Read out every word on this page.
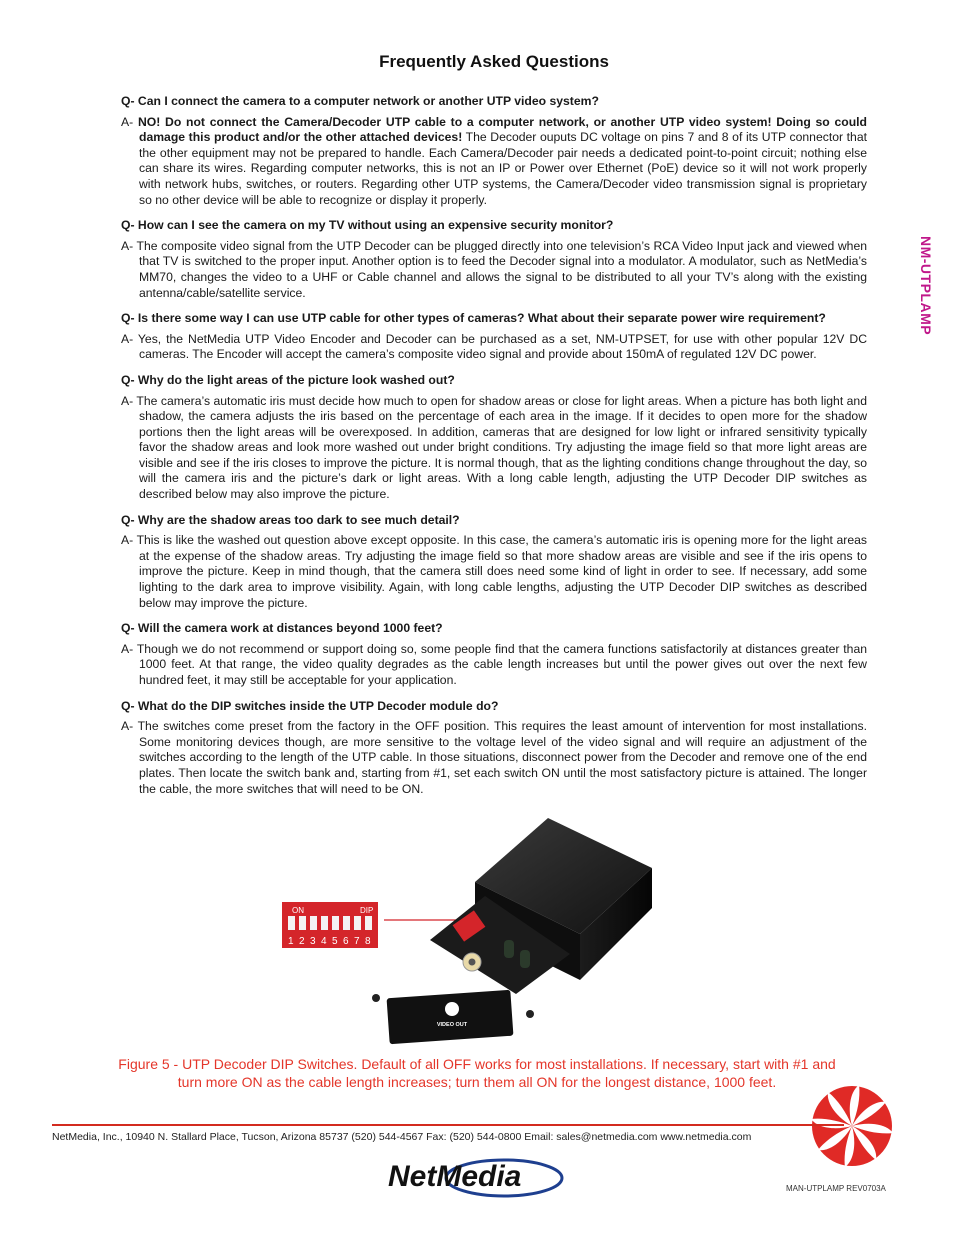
Frequently Asked Questions
NM-UTPLAMP

Q- Can I connect the camera to a computer network or another UTP video system?

A- NO! Do not connect the Camera/Decoder UTP cable to a computer network, or another UTP video system! Doing so could damage this product and/or the other attached devices! The Decoder ouputs DC voltage on pins 7 and 8 of its UTP connector that the other equipment may not be prepared to handle. Each Camera/Decoder pair needs a dedicated point-to-point circuit; nothing else can share its wires. Regarding computer networks, this is not an IP or Power over Ethernet (PoE) device so it will not work properly with network hubs, switches, or routers. Regarding other UTP systems, the Camera/Decoder video transmission signal is proprietary so no other device will be able to recognize or display it properly.

Q- How can I see the camera on my TV without using an expensive security monitor?

A- The composite video signal from the UTP Decoder can be plugged directly into one television’s RCA Video Input jack and viewed when that TV is switched to the proper input. Another option is to feed the Decoder signal into a modulator. A modulator, such as NetMedia’s MM70, changes the video to a UHF or Cable channel and allows the signal to be distributed to all your TV’s along with the existing antenna/cable/satellite service.

Q- Is there some way I can use UTP cable for other types of cameras? What about their separate power wire requirement?

A- Yes, the NetMedia UTP Video Encoder and Decoder can be purchased as a set, NM-UTPSET, for use with other popular 12V DC cameras. The Encoder will accept the camera’s composite video signal and provide about 150mA of regulated 12V DC power.

Q- Why do the light areas of the picture look washed out?

A- The camera’s automatic iris must decide how much to open for shadow areas or close for light areas. When a picture has both light and shadow, the camera adjusts the iris based on the percentage of each area in the image. If it decides to open more for the shadow portions then the light areas will be overexposed. In addition, cameras that are designed for low light or infrared sensitivity typically favor the shadow areas and look more washed out under bright conditions. Try adjusting the image field so that more light areas are visible and see if the iris closes to improve the picture. It is normal though, that as the lighting conditions change throughout the day, so will the camera iris and the picture’s dark or light areas. With a long cable length, adjusting the UTP Decoder DIP switches as described below may also improve the picture.

Q- Why are the shadow areas too dark to see much detail?

A- This is like the washed out question above except opposite. In this case, the camera’s automatic iris is opening more for the light areas at the expense of the shadow areas. Try adjusting the image field so that more shadow areas are visible and see if the iris opens to improve the picture. Keep in mind though, that the camera still does need some kind of light in order to see. If necessary, add some lighting to the dark area to improve visibility. Again, with long cable lengths, adjusting the UTP Decoder DIP switches as described below may improve the picture.

Q- Will the camera work at distances beyond 1000 feet?

A- Though we do not recommend or support doing so, some people find that the camera functions satisfactorily at distances greater than 1000 feet. At that range, the video quality degrades as the cable length increases but until the power gives out over the next few hundred feet, it may still be acceptable for your application.

Q- What do the DIP switches inside the UTP Decoder module do?

A- The switches come preset from the factory in the OFF position. This requires the least amount of intervention for most installations. Some monitoring devices though, are more sensitive to the voltage level of the video signal and will require an adjustment of the switches according to the length of the UTP cable. In those situations, disconnect power from the Decoder and remove one of the end plates. Then locate the switch bank and, starting from #1, set each switch ON until the most satisfactory picture is attained. The longer the cable, the more switches that will need to be ON.

ON	DIP
1 2 3 4 5 6 7 8
VIDEO OUT
Figure 5 - UTP Decoder DIP Switches. Default of all OFF works for most installations. If necessary, start with #1 and
turn more ON as the cable length increases; turn them all ON for the longest distance, 1000 feet.
NetMedia, Inc., 10940 N. Stallard Place, Tucson, Arizona 85737 (520) 544-4567 Fax: (520) 544-0800 Email: sales@netmedia.com www.netmedia.com
NetMedia	MAN-UTPLAMP REV0703A
